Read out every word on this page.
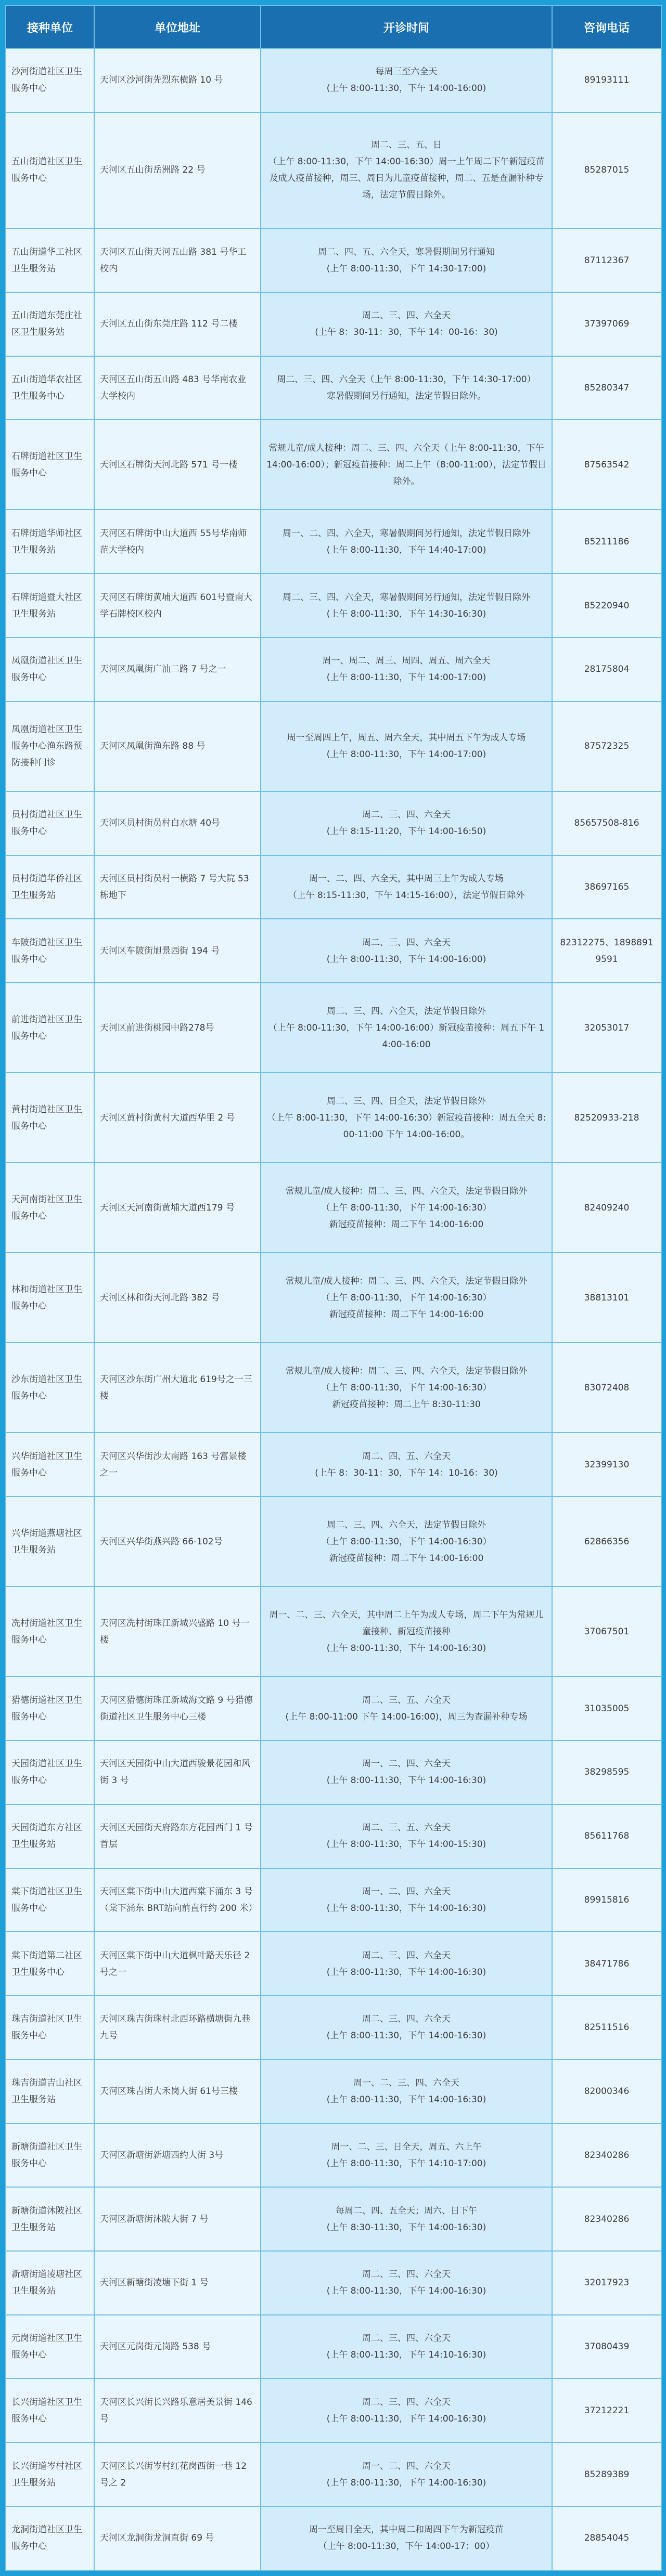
接种单位	单位地址	开诊时间	咨询电话
沙河街道社区卫生服务中心	天河区沙河街先烈东横路 10 号	每周三至六全天
(上午 8:00-11:30，下午 14:00-16:00)	89193111
五山街道社区卫生服务中心	天河区五山街岳洲路 22 号	周二、三、五、日
（上午 8:00-11:30，下午 14:00-16:30）周一上午周二下午新冠疫苗及成人疫苗接种，周三、周日为儿童疫苗接种，周二、五是查漏补种专场，法定节假日除外。	85287015
五山街道华工社区卫生服务站	天河区五山街天河五山路 381 号华工校内	周二、四、五、六全天，寒暑假期间另行通知
(上午 8:00-11:30，下午 14:30-17:00)	87112367
五山街道东莞庄社区卫生服务站	天河区五山街东莞庄路 112 号二楼	周二、三、四、六全天
(上午 8：30-11：30，下午 14：00-16：30)	37397069
五山街道华农社区卫生服务中心	天河区五山街五山路 483 号华南农业大学校内	周二、三、四、六全天（上午 8:00-11:30，下午 14:30-17:00）
寒暑假期间另行通知，法定节假日除外。	85280347
石牌街道社区卫生服务中心	天河区石牌街天河北路 571 号一楼	常规儿童/成人接种：周二、三、四、六全天（上午 8:00-11:30，下午 14:00-16:00）；新冠疫苗接种：周二上午（8:00-11:00），法定节假日除外。	87563542
石牌街道华师社区卫生服务站	天河区石牌街中山大道西 55号华南师范大学校内	周一、二、四、六全天，寒暑假期间另行通知，法定节假日除外
(上午 8:00-11:30，下午 14:40-17:00)	85211186
石牌街道暨大社区卫生服务站	天河区石牌街黄埔大道西 601号暨南大学石牌校区校内	周二、三、四、六全天，寒暑假期间另行通知，法定节假日除外
(上午 8:00-11:30，下午 14:30-16:30)	85220940
凤凰街道社区卫生服务中心	天河区凤凰街广汕二路 7 号之一	周一、周二、周三、周四、周五、周六全天
(上午 8:00-11:30，下午 14:00-17:00)	28175804
凤凰街道社区卫生服务中心渔东路预防接种门诊	天河区凤凰街渔东路 88 号	周一至周四上午，周五、周六全天，其中周五下午为成人专场
(上午 8:00-11:30，下午 14:00-17:00)	87572325
员村街道社区卫生服务中心	天河区员村街员村白水塘 40号	周二、三、四、六全天
(上午 8:15-11:20，下午 14:00-16:50)	85657508-816
员村街道华侨社区卫生服务站	天河区员村街员村一横路 7 号大院 53 栋地下	周一、二、四、六全天，其中周三上午为成人专场
（上午 8:15-11:30，下午 14:15-16:00），法定节假日除外	38697165
车陂街道社区卫生服务中心	天河区车陂街旭景西街 194 号	周二、三、四、六全天
(上午 8:00-11:30，下午 14:00-16:00)	82312275、18988919591
前进街道社区卫生服务中心	天河区前进街桃园中路278号	周二、三、四、六全天，法定节假日除外
（上午 8:00-11:30，下午 14:00-16:00）新冠疫苗接种：周五下午 14:00-16:00	32053017
黄村街道社区卫生服务中心	天河区黄村街黄村大道西华里 2 号	周二、三、四、日全天，法定节假日除外
（上午 8:00-11:30，下午 14:00-16:30）新冠疫苗接种：周五全天 8:00-11:00 下午 14:00-16:00。	82520933-218
天河南街社区卫生服务中心	天河区天河南街黄埔大道西179 号	常规儿童/成人接种：周二、三、四、六全天，法定节假日除外
（上午 8:00-11:30，下午 14:00-16:30）
新冠疫苗接种：周二下午 14:00-16:00	82409240
林和街道社区卫生服务中心	天河区林和街天河北路 382 号	常规儿童/成人接种：周二、三、四、六全天，法定节假日除外
（上午 8:00-11:30，下午 14:00-16:30）
新冠疫苗接种：周二下午 14:00-16:00	38813101
沙东街道社区卫生服务中心	天河区沙东街广州大道北 619号之一三楼	常规儿童/成人接种：周二、三、四、六全天，法定节假日除外
（上午 8:00-11:30，下午 14:00-16:30）
新冠疫苗接种：周二上午 8:30-11:30	83072408
兴华街道社区卫生服务中心	天河区兴华街沙太南路 163 号富景楼之一	周二、四、五、六全天
(上午 8：30-11：30，下午 14：10-16：30)	32399130
兴华街道燕塘社区卫生服务站	天河区兴华街燕兴路 66-102号	周二、三、四、六全天，法定节假日除外
（上午 8:00-11:30，下午 14:00-16:30）
新冠疫苗接种：周二下午 14:00-16:00	62866356
冼村街道社区卫生服务中心	天河区冼村街珠江新城兴盛路 10 号一楼	周一、二、三、六全天，其中周二上午为成人专场，周二下午为常规儿童接种、新冠疫苗接种
(上午 8:00-11:30，下午 14:00-16:30)	37067501
猎德街道社区卫生服务中心	天河区猎德街珠江新城海文路 9 号猎德街道社区卫生服务中心三楼	周二、三、五、六全天
(上午 8:00-11:00 下午 14:00-16:00)，周三为查漏补种专场	31035005
天园街道社区卫生服务中心	天河区天园街中山大道西骏景花园和风街 3 号	周一、二、四、六全天
(上午 8:00-11:30，下午 14:00-16:30)	38298595
天园街道东方社区卫生服务站	天河区天园街天府路东方花园西门 1 号首层	周二、三、五、六全天
(上午 8:00-11:30，下午 14:00-15:30)	85611768
棠下街道社区卫生服务中心	天河区棠下街中山大道西棠下涌东 3 号（棠下涌东 BRT站向前直行约 200 米）	周一、二、四、六全天
(上午 8:00-11:30，下午 14:00-16:30)	89915816
棠下街道第二社区卫生服务中心	天河区棠下街中山大道枫叶路天乐径 2 号之一	周二、三、四、六全天
(上午 8:00-11:30，下午 14:00-16:30)	38471786
珠吉街道社区卫生服务中心	天河区珠吉街珠村北西环路横塘街九巷九号	周二、三、四、六全天
(上午 8:00-11:30，下午 14:00-16:30)	82511516
珠吉街道吉山社区卫生服务站	天河区珠吉街大禾岗大街 61号三楼	周一、二、三、四、六全天
(上午 8:00-11:30，下午 14:00-16:30)	82000346
新塘街道社区卫生服务中心	天河区新塘街新塘西约大街 3号	周一、二、三、日全天，周五、六上午
(上午 8:00-11:30，下午 14:10-17:00)	82340286
新塘街道沐陂社区卫生服务站	天河区新塘街沐陂大街 7 号	每周二、四、五全天；周六、日下午
(上午 8:30-11:30，下午 14:00-16:30)	82340286
新塘街道凌塘社区卫生服务站	天河区新塘街凌塘下街 1 号	周二、三、四、六全天
(上午 8:00-11:30，下午 14:00-16:30)	32017923
元岗街道社区卫生服务中心	天河区元岗街元岗路 538 号	周二、三、四、六全天
(上午 8:00-11:30，下午 14:10-16:30)	37080439
长兴街道社区卫生服务中心	天河区长兴街长兴路乐意居美景街 146 号	周二、三、四、六全天
(上午 8:00-11:30，下午 14:00-16:30)	37212221
长兴街道岑村社区卫生服务站	天河区长兴街岑村红花岗西街一巷 12 号之 2	周一、二、四、六全天
(上午 8:00-11:30，下午 14:00-16:30)	85289389
龙洞街道社区卫生服务中心	天河区龙洞街龙洞直街 69 号	周一至周日全天，其中周二和周四下午为新冠疫苗
（上午 8:00-11:30，下午 14:00-17：00）	28854045
